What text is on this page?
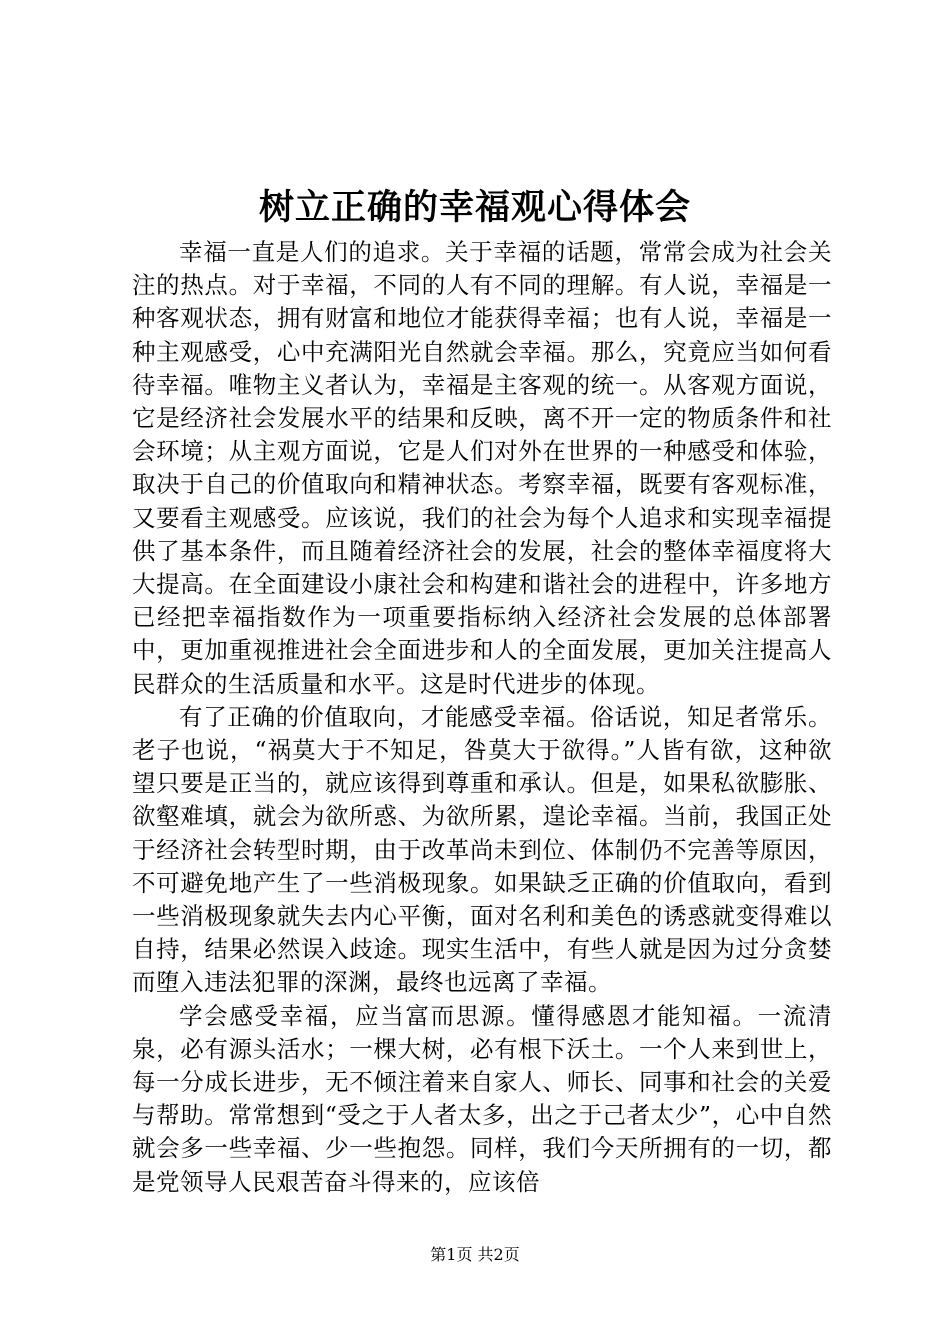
树立正确的幸福观心得体会

幸福一直是人们的追求。关于幸福的话题，常常会成为社会关注的热点。对于幸福，不同的人有不同的理解。有人说，幸福是一种客观状态，拥有财富和地位才能获得幸福；也有人说，幸福是一种主观感受，心中充满阳光自然就会幸福。那么，究竟应当如何看待幸福。唯物主义者认为，幸福是主客观的统一。从客观方面说，它是经济社会发展水平的结果和反映，离不开一定的物质条件和社会环境；从主观方面说，它是人们对外在世界的一种感受和体验，取决于自己的价值取向和精神状态。考察幸福，既要有客观标准，又要看主观感受。应该说，我们的社会为每个人追求和实现幸福提供了基本条件，而且随着经济社会的发展，社会的整体幸福度将大大提高。在全面建设小康社会和构建和谐社会的进程中，许多地方已经把幸福指数作为一项重要指标纳入经济社会发展的总体部署中，更加重视推进社会全面进步和人的全面发展，更加关注提高人民群众的生活质量和水平。这是时代进步的体现。

有了正确的价值取向，才能感受幸福。俗话说，知足者常乐。老子也说，“祸莫大于不知足，咎莫大于欲得。”人皆有欲，这种欲望只要是正当的，就应该得到尊重和承认。但是，如果私欲膨胀、欲壑难填，就会为欲所惑、为欲所累，遑论幸福。当前，我国正处于经济社会转型时期，由于改革尚未到位、体制仍不完善等原因，不可避免地产生了一些消极现象。如果缺乏正确的价值取向，看到一些消极现象就失去内心平衡，面对名利和美色的诱惑就变得难以自持，结果必然误入歧途。现实生活中，有些人就是因为过分贪婪而堕入违法犯罪的深渊，最终也远离了幸福。

学会感受幸福，应当富而思源。懂得感恩才能知福。一流清泉，必有源头活水；一棵大树，必有根下沃土。一个人来到世上，每一分成长进步，无不倾注着来自家人、师长、同事和社会的关爱与帮助。常常想到“受之于人者太多，出之于己者太少”，心中自然就会多一些幸福、少一些抱怨。同样，我们今天所拥有的一切，都是党领导人民艰苦奋斗得来的，应该倍

第1页 共2页
